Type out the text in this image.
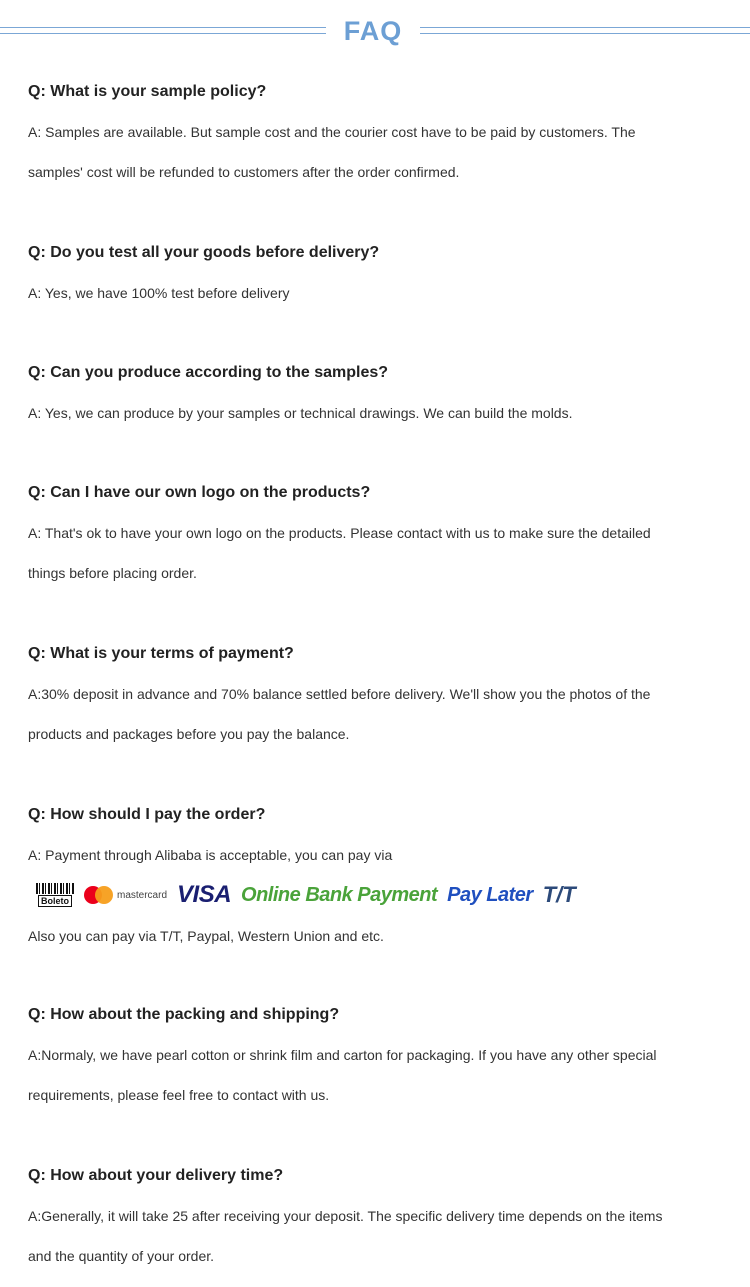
FAQ

Q: What is your sample policy?

A: Samples are available. But sample cost and the courier cost have to be paid by customers. The

samples' cost will be refunded to customers after the order confirmed.

Q: Do you test all your goods before delivery?

A: Yes, we have 100% test before delivery

Q: Can you produce according to the samples?

A: Yes, we can produce by your samples or technical drawings. We can build the molds.

Q: Can I have our own logo on the products?

A: That's ok to have your own logo on the products. Please contact with us to make sure the detailed

things before placing order.

Q: What is your terms of payment?

A:30% deposit in advance and 70% balance settled before delivery. We'll show you the photos of the

products and packages before you pay the balance.

Q: How should I pay the order?

A: Payment through Alibaba is acceptable, you can pay via

Boleto
mastercard VISA Online Bank Payment Pay Later T/T

Also you can pay via T/T, Paypal, Western Union and etc.

Q: How about the packing and shipping?

A:Normaly, we have pearl cotton or shrink film and carton for packaging. If you have any other special

requirements, please feel free to contact with us.

Q: How about your delivery time?

A:Generally, it will take 25 after receiving your deposit. The specific delivery time depends on the items

and the quantity of your order.
